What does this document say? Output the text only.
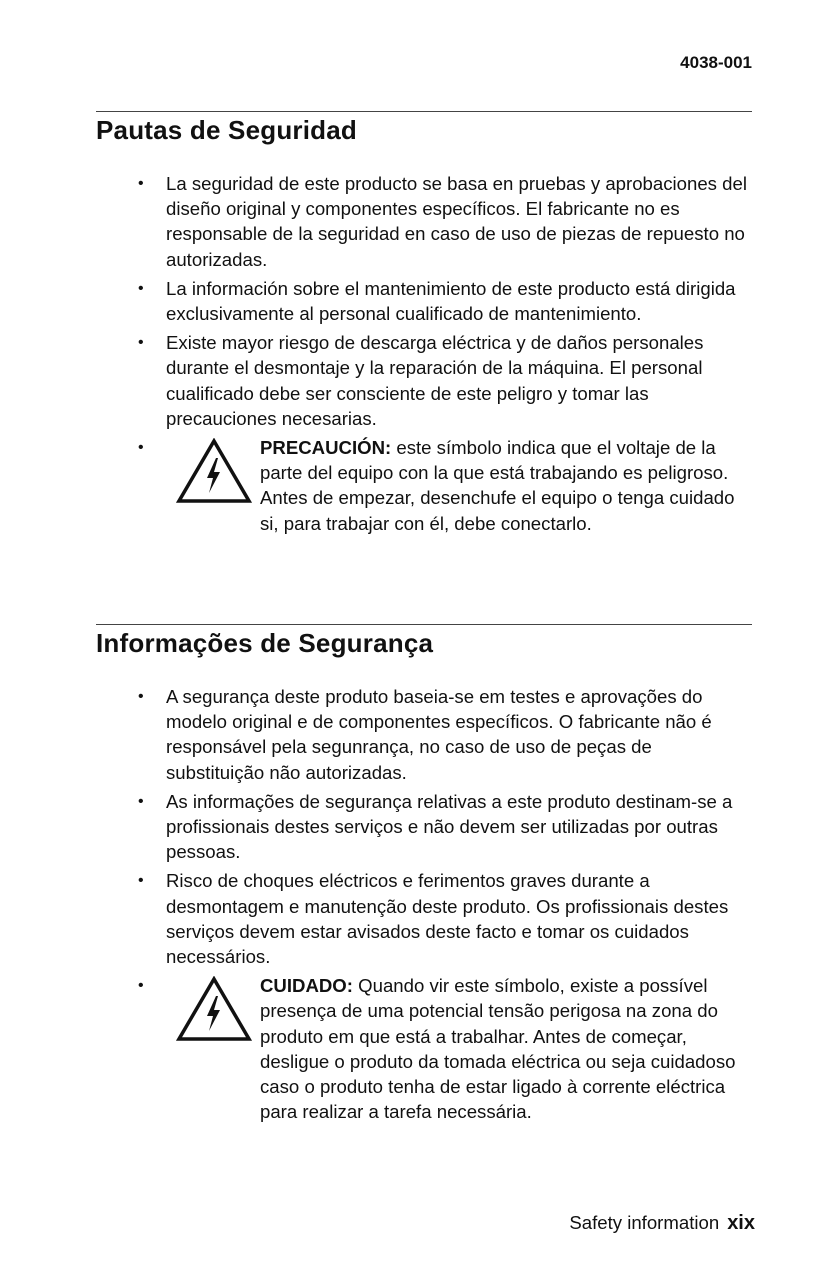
4038-001
Pautas de Seguridad
• La seguridad de este producto se basa en pruebas y aprobaciones del diseño original y componentes específicos. El fabricante no es responsable de la seguridad en caso de uso de piezas de repuesto no autorizadas.
• La información sobre el mantenimiento de este producto está dirigida exclusivamente al personal cualificado de mantenimiento.
• Existe mayor riesgo de descarga eléctrica y de daños personales durante el desmontaje y la reparación de la máquina. El personal cualificado debe ser consciente de este peligro y tomar las precauciones necesarias.
•	PRECAUCIÓN: este símbolo indica que el voltaje de la parte del equipo con la que está trabajando es peligroso. Antes de empezar, desenchufe el equipo o tenga cuidado si, para trabajar con él, debe conectarlo.
Informações de Segurança
• A segurança deste produto baseia-se em testes e aprovações do modelo original e de componentes específicos. O fabricante não é responsável pela segunrança, no caso de uso de peças de substituição não autorizadas.
• As informações de segurança relativas a este produto destinam-se a profissionais destes serviços e não devem ser utilizadas por outras pessoas.
• Risco de choques eléctricos e ferimentos graves durante a desmontagem e manutenção deste produto. Os profissionais destes serviços devem estar avisados deste facto e tomar os cuidados necessários.
•	CUIDADO: Quando vir este símbolo, existe a possível presença de uma potencial tensão perigosa na zona do produto em que está a trabalhar. Antes de começar, desligue o produto da tomada eléctrica ou seja cuidadoso caso o produto tenha de estar ligado à corrente eléctrica para realizar a tarefa necessária.
Safety information xix
